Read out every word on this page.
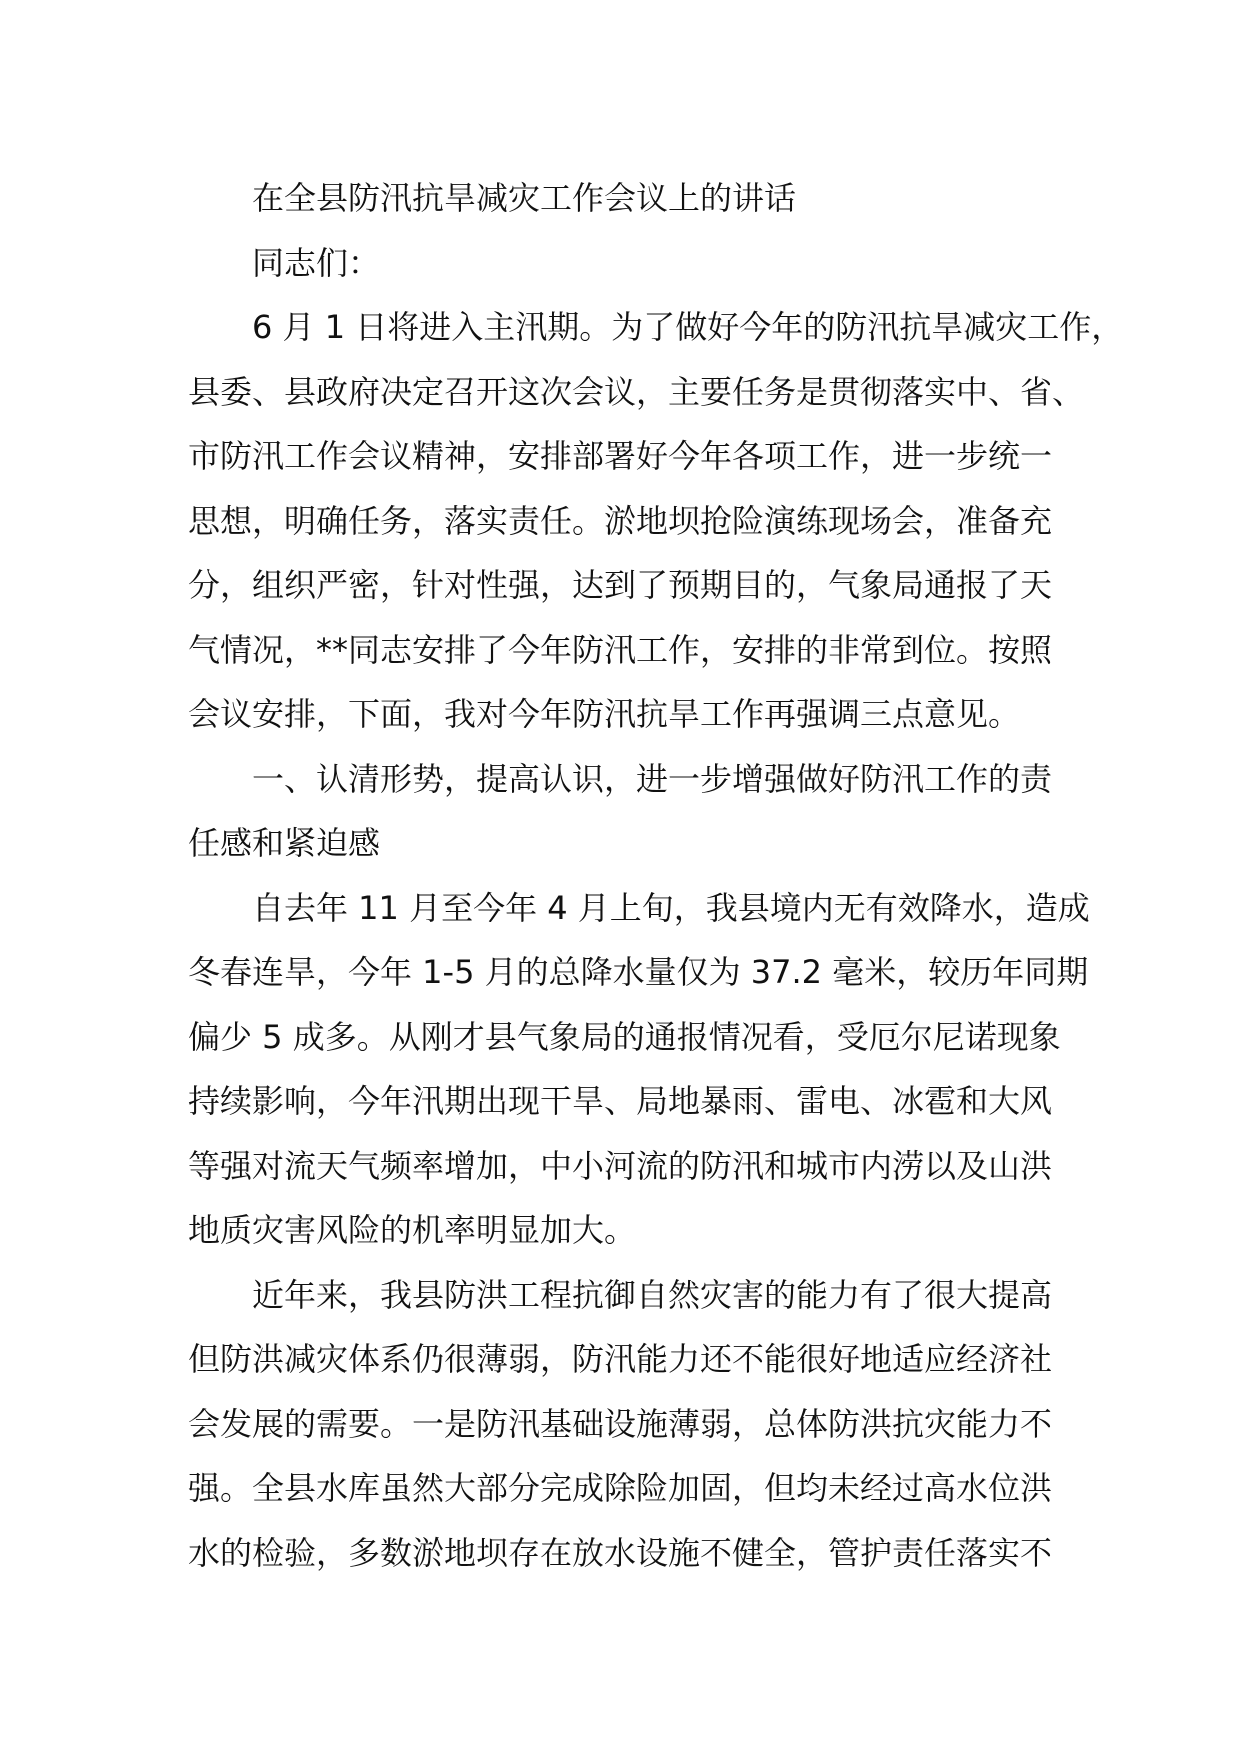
在全县防汛抗旱减灾工作会议上的讲话
同志们：
6 月 1 日将进入主汛期。为了做好今年的防汛抗旱减灾工作，
县委、县政府决定召开这次会议，主要任务是贯彻落实中、省、
市防汛工作会议精神，安排部署好今年各项工作，进一步统一
思想，明确任务，落实责任。淤地坝抢险演练现场会，准备充
分，组织严密，针对性强，达到了预期目的，气象局通报了天
气情况，**同志安排了今年防汛工作，安排的非常到位。按照
会议安排，下面，我对今年防汛抗旱工作再强调三点意见。
一、认清形势，提高认识，进一步增强做好防汛工作的责
任感和紧迫感
自去年 11 月至今年 4 月上旬，我县境内无有效降水，造成
冬春连旱，今年 1-5 月的总降水量仅为 37.2 毫米，较历年同期
偏少 5 成多。从刚才县气象局的通报情况看，受厄尔尼诺现象
持续影响，今年汛期出现干旱、局地暴雨、雷电、冰雹和大风
等强对流天气频率增加，中小河流的防汛和城市内涝以及山洪
地质灾害风险的机率明显加大。
近年来，我县防洪工程抗御自然灾害的能力有了很大提高
但防洪减灾体系仍很薄弱，防汛能力还不能很好地适应经济社
会发展的需要。一是防汛基础设施薄弱，总体防洪抗灾能力不
强。全县水库虽然大部分完成除险加固，但均未经过高水位洪
水的检验，多数淤地坝存在放水设施不健全，管护责任落实不
